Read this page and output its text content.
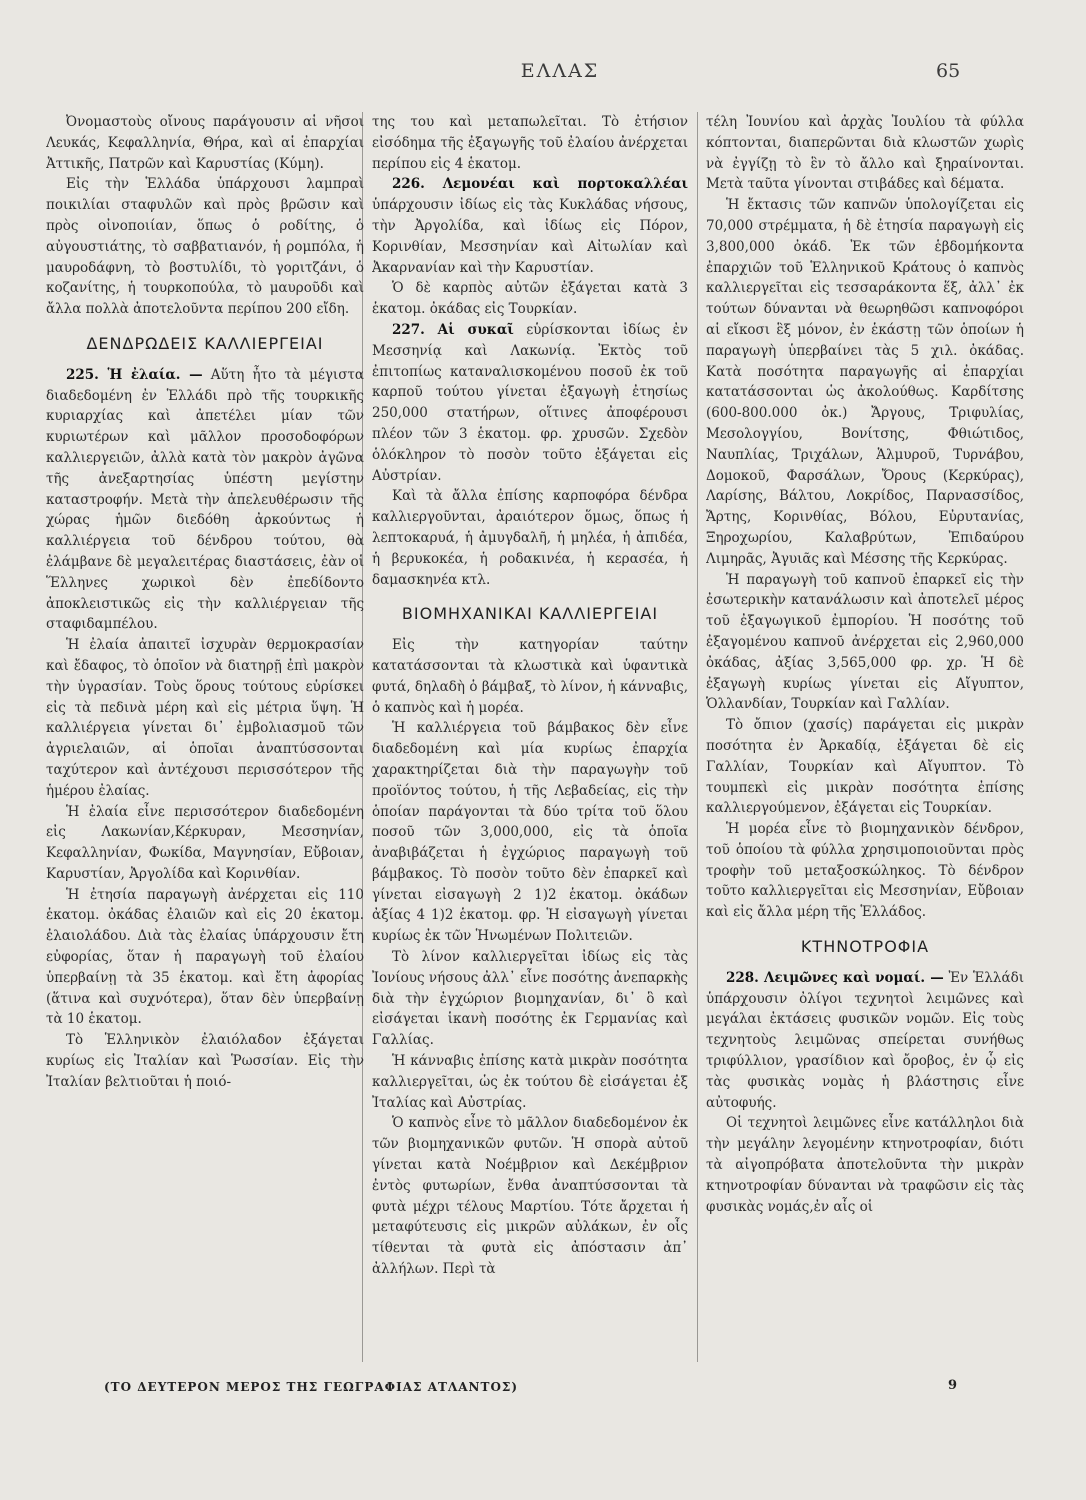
ΕΛΛΑΣ	65

Ὀνομαστοὺς οἴνους παράγουσιν αἱ νῆσοι Λευκάς, Κεφαλληνία, Θήρα, καὶ αἱ ἐπαρχίαι Ἀττικῆς, Πατρῶν καὶ Καρυστίας (Κύμη).

Εἰς τὴν Ἑλλάδα ὑπάρχουσι λαμπραὶ ποικιλίαι σταφυλῶν καὶ πρὸς βρῶσιν καὶ πρὸς οἰνοποιίαν, ὅπως ὁ ροδίτης, ὁ αὐγουστιάτης, τὸ σαββατιανόν, ἡ ρομπόλα, ἡ μαυροδάφνη, τὸ βοστυλίδι, τὸ γοριτζάνι, ὁ κοζανίτης, ἡ τουρκοπούλα, τὸ μαυροῦδι καὶ ἄλλα πολλὰ ἀποτελοῦντα περίπου 200 εἴδη.

ΔΕΝΔΡΩΔΕΙΣ ΚΑΛΛΙΕΡΓΕΙΑΙ

225. Ἡ ἐλαία. — Αὕτη ἦτο τὰ μέγιστα διαδεδομένη ἐν Ἑλλάδι πρὸ τῆς τουρκικῆς κυριαρχίας καὶ ἀπετέλει μίαν τῶν κυριωτέρων καὶ μᾶλλον προσοδοφόρων καλλιεργειῶν, ἀλλὰ κατὰ τὸν μακρὸν ἀγῶνα τῆς ἀνεξαρτησίας ὑπέστη μεγίστην καταστροφήν. Μετὰ τὴν ἀπελευθέρωσιν τῆς χώρας ἡμῶν διεδόθη ἀρκούντως ἡ καλλιέργεια τοῦ δένδρου τούτου, θὰ ἐλάμβανε δὲ μεγαλειτέρας διαστάσεις, ἐὰν οἱ Ἕλληνες χωρικοὶ δὲν ἐπεδίδοντο ἀποκλειστικῶς εἰς τὴν καλλιέργειαν τῆς σταφιδαμπέλου.

Ἡ ἐλαία ἀπαιτεῖ ἰσχυρὰν θερμοκρασίαν καὶ ἔδαφος, τὸ ὁποῖον νὰ διατηρῇ ἐπὶ μακρὸν τὴν ὑγρασίαν. Τοὺς ὅρους τούτους εὑρίσκει εἰς τὰ πεδινὰ μέρη καὶ εἰς μέτρια ὕψη. Ἡ καλλιέργεια γίνεται δι᾿ ἐμβολιασμοῦ τῶν ἀγριελαιῶν, αἱ ὁποῖαι ἀναπτύσσονται ταχύτερον καὶ ἀντέχουσι περισσότερον τῆς ἡμέρου ἐλαίας.

Ἡ ἐλαία εἶνε περισσότερον διαδεδομένη εἰς Λακωνίαν,Κέρκυραν, Μεσσηνίαν, Κεφαλληνίαν, Φωκίδα, Μαγνησίαν, Εὔβοιαν, Καρυστίαν, Ἀργολίδα καὶ Κορινθίαν.

Ἡ ἐτησία παραγωγὴ ἀνέρχεται εἰς 110 ἑκατομ. ὀκάδας ἐλαιῶν καὶ εἰς 20 ἑκατομ. ἐλαιολάδου. Διὰ τὰς ἐλαίας ὑπάρχουσιν ἔτη εὐφορίας, ὅταν ἡ παραγωγὴ τοῦ ἐλαίου ὑπερβαίνῃ τὰ 35 ἑκατομ. καὶ ἔτη ἀφορίας (ἅτινα καὶ συχνότερα), ὅταν δὲν ὑπερβαίνῃ τὰ 10 ἑκατομ.

Τὸ Ἑλληνικὸν ἐλαιόλαδον ἐξάγεται κυρίως εἰς Ἰταλίαν καὶ Ῥωσσίαν. Εἰς τὴν Ἰταλίαν βελτιοῦται ἡ ποιό-

της του καὶ μεταπωλεῖται. Τὸ ἐτήσιον εἰσόδημα τῆς ἐξαγωγῆς τοῦ ἐλαίου ἀνέρχεται περίπου εἰς 4 ἑκατομ.

226. Λεμονέαι καὶ πορτοκαλλέαι ὑπάρχουσιν ἰδίως εἰς τὰς Κυκλάδας νήσους, τὴν Ἀργολίδα, καὶ ἰδίως εἰς Πόρον, Κορινθίαν, Μεσσηνίαν καὶ Αἰτωλίαν καὶ Ἀκαρνανίαν καὶ τὴν Καρυστίαν.

Ὁ δὲ καρπὸς αὐτῶν ἐξάγεται κατὰ 3 ἑκατομ. ὀκάδας εἰς Τουρκίαν.

227. Αἱ συκαῖ εὑρίσκονται ἰδίως ἐν Μεσσηνίᾳ καὶ Λακωνίᾳ. Ἐκτὸς τοῦ ἐπιτοπίως καταναλισκομένου ποσοῦ ἐκ τοῦ καρποῦ τούτου γίνεται ἐξαγωγὴ ἐτησίως 250,000 στατήρων, οἵτινες ἀποφέρουσι πλέον τῶν 3 ἑκατομ. φρ. χρυσῶν. Σχεδὸν ὁλόκληρον τὸ ποσὸν τοῦτο ἐξάγεται εἰς Αὐστρίαν.

Καὶ τὰ ἄλλα ἐπίσης καρποφόρα δένδρα καλλιεργοῦνται, ἀραιότερον ὅμως, ὅπως ἡ λεπτοκαρυά, ἡ ἀμυγδαλῆ, ἡ μηλέα, ἡ ἀπιδέα, ἡ βερυκοκέα, ἡ ροδακινέα, ἡ κερασέα, ἡ δαμασκηνέα κτλ.

ΒΙΟΜΗΧΑΝΙΚΑΙ ΚΑΛΛΙΕΡΓΕΙΑΙ

Εἰς τὴν κατηγορίαν ταύτην κατατάσσονται τὰ κλωστικὰ καὶ ὑφαντικὰ φυτά, δηλαδὴ ὁ βάμβαξ, τὸ λίνον, ἡ κάνναβις, ὁ καπνὸς καὶ ἡ μορέα.

Ἡ καλλιέργεια τοῦ βάμβακος δὲν εἶνε διαδεδομένη καὶ μία κυρίως ἐπαρχία χαρακτηρίζεται διὰ τὴν παραγωγὴν τοῦ προϊόντος τούτου, ἡ τῆς Λεβαδείας, εἰς τὴν ὁποίαν παράγονται τὰ δύο τρίτα τοῦ ὅλου ποσοῦ τῶν 3,000,000, εἰς τὰ ὁποῖα ἀναβιβάζεται ἡ ἐγχώριος παραγωγὴ τοῦ βάμβακος. Τὸ ποσὸν τοῦτο δὲν ἐπαρκεῖ καὶ γίνεται εἰσαγωγὴ 2 1)2 ἑκατομ. ὀκάδων ἀξίας 4 1)2 ἑκατομ. φρ. Ἡ εἰσαγωγὴ γίνεται κυρίως ἐκ τῶν Ἡνωμένων Πολιτειῶν.

Τὸ λίνον καλλιεργεῖται ἰδίως εἰς τὰς Ἰονίους νήσους ἀλλ᾿ εἶνε ποσότης ἀνεπαρκὴς διὰ τὴν ἐγχώριον βιομηχανίαν, δι᾿ ὃ καὶ εἰσάγεται ἱκανὴ ποσότης ἐκ Γερμανίας καὶ Γαλλίας.

Ἡ κάνναβις ἐπίσης κατὰ μικρὰν ποσότητα καλλιεργεῖται, ὡς ἐκ τούτου δὲ εἰσάγεται ἐξ Ἰταλίας καὶ Αὐστρίας.

Ὁ καπνὸς εἶνε τὸ μᾶλλον διαδεδομένον ἐκ τῶν βιομηχανικῶν φυτῶν. Ἡ σπορὰ αὐτοῦ γίνεται κατὰ Νοέμβριον καὶ Δεκέμβριον ἐντὸς φυτωρίων, ἔνθα ἀναπτύσσονται τὰ φυτὰ μέχρι τέλους Μαρτίου. Τότε ἄρχεται ἡ μεταφύτευσις εἰς μικρῶν αὐλάκων, ἐν οἷς τίθενται τὰ φυτὰ εἰς ἀπόστασιν ἀπ᾿ ἀλλήλων. Περὶ τὰ

τέλη Ἰουνίου καὶ ἀρχὰς Ἰουλίου τὰ φύλλα κόπτονται, διαπερῶνται διὰ κλωστῶν χωρὶς νὰ ἐγγίζῃ τὸ ἓν τὸ ἄλλο καὶ ξηραίνονται. Μετὰ ταῦτα γίνονται στιβάδες καὶ δέματα.

Ἡ ἔκτασις τῶν καπνῶν ὑπολογίζεται εἰς 70,000 στρέμματα, ἡ δὲ ἐτησία παραγωγὴ εἰς 3,800,000 ὀκάδ. Ἐκ τῶν ἑβδομήκοντα ἐπαρχιῶν τοῦ Ἑλληνικοῦ Κράτους ὁ καπνὸς καλλιεργεῖται εἰς τεσσαράκοντα ἕξ, ἀλλ᾿ ἐκ τούτων δύνανται νὰ θεωρηθῶσι καπνοφόροι αἱ εἴκοσι ἓξ μόνον, ἐν ἑκάστῃ τῶν ὁποίων ἡ παραγωγὴ ὑπερβαίνει τὰς 5 χιλ. ὀκάδας. Κατὰ ποσότητα παραγωγῆς αἱ ἐπαρχίαι κατατάσσονται ὡς ἀκολούθως. Καρδίτσης (600-800.000 ὀκ.) Ἄργους, Τριφυλίας, Μεσολογγίου, Βονίτσης, Φθιώτιδος, Ναυπλίας, Τριχάλων, Ἁλμυροῦ, Τυρνάβου, Δομοκοῦ, Φαρσάλων, Ὄρους (Κερκύρας), Λαρίσης, Βάλτου, Λοκρίδος, Παρνασσίδος, Ἄρτης, Κορινθίας, Βόλου, Εὐρυτανίας, Ξηροχωρίου, Καλαβρύτων, Ἐπιδαύρου Λιμηρᾶς, Ἀγυιᾶς καὶ Μέσσης τῆς Κερκύρας.

Ἡ παραγωγὴ τοῦ καπνοῦ ἐπαρκεῖ εἰς τὴν ἐσωτερικὴν κατανάλωσιν καὶ ἀποτελεῖ μέρος τοῦ ἐξαγωγικοῦ ἐμπορίου. Ἡ ποσότης τοῦ ἐξαγομένου καπνοῦ ἀνέρχεται εἰς 2,960,000 ὀκάδας, ἀξίας 3,565,000 φρ. χρ. Ἡ δὲ ἐξαγωγὴ κυρίως γίνεται εἰς Αἴγυπτον, Ὁλλανδίαν, Τουρκίαν καὶ Γαλλίαν.

Τὸ ὄπιον (χασίς) παράγεται εἰς μικρὰν ποσότητα ἐν Ἀρκαδίᾳ, ἐξάγεται δὲ εἰς Γαλλίαν, Τουρκίαν καὶ Αἴγυπτον. Τὸ τουμπεκὶ εἰς μικρὰν ποσότητα ἐπίσης καλλιεργούμενον, ἐξάγεται εἰς Τουρκίαν.

Ἡ μορέα εἶνε τὸ βιομηχανικὸν δένδρον, τοῦ ὁποίου τὰ φύλλα χρησιμοποιοῦνται πρὸς τροφὴν τοῦ μεταξοσκώληκος. Τὸ δένδρον τοῦτο καλλιεργεῖται εἰς Μεσσηνίαν, Εὔβοιαν καὶ εἰς ἄλλα μέρη τῆς Ἑλλάδος.

ΚΤΗΝΟΤΡΟΦΙΑ

228. Λειμῶνες καὶ νομαί. — Ἐν Ἑλλάδι ὑπάρχουσιν ὀλίγοι τεχνητοὶ λειμῶνες καὶ μεγάλαι ἐκτάσεις φυσικῶν νομῶν. Εἰς τοὺς τεχνητοὺς λειμῶνας σπείρεται συνήθως τριφύλλιον, γρασίδιον καὶ ὄροβος, ἐν ᾧ εἰς τὰς φυσικὰς νομὰς ἡ βλάστησις εἶνε αὐτοφυής.

Οἱ τεχνητοὶ λειμῶνες εἶνε κατάλληλοι διὰ τὴν μεγάλην λεγομένην κτηνοτροφίαν, διότι τὰ αἰγοπρόβατα ἀποτελοῦντα τὴν μικρὰν κτηνοτροφίαν δύνανται νὰ τραφῶσιν εἰς τὰς φυσικὰς νομάς,ἐν αἷς οἱ

(ΤΟ ΔΕΥΤΕΡΟΝ ΜΕΡΟΣ ΤΗΣ ΓΕΩΓΡΑΦΙΑΣ ΑΤΛΑΝΤΟΣ)	9
